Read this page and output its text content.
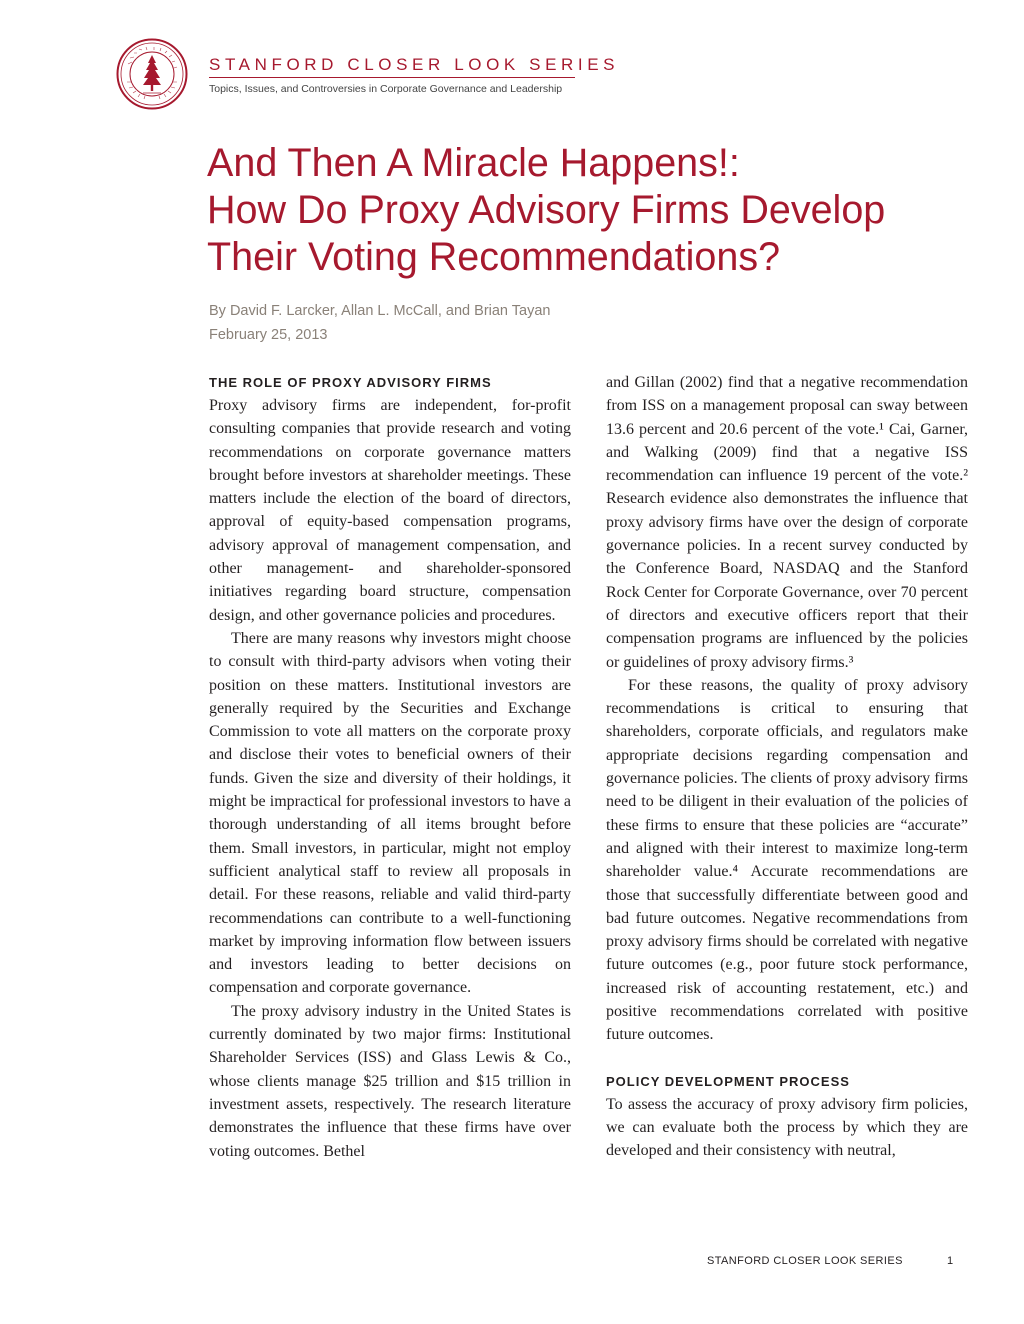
STANFORD CLOSER LOOK SERIES
Topics, Issues, and Controversies in Corporate Governance and Leadership
And Then A Miracle Happens!:
How Do Proxy Advisory Firms Develop
Their Voting Recommendations?
By David F. Larcker, Allan L. McCall, and Brian Tayan
February 25, 2013
THE ROLE OF PROXY ADVISORY FIRMS

Proxy advisory firms are independent, for-profit consulting companies that provide research and voting recommendations on corporate governance matters brought before investors at shareholder meetings. These matters include the election of the board of directors, approval of equity-based compensation programs, advisory approval of management compensation, and other management- and shareholder-sponsored initiatives regarding board structure, compensation design, and other governance policies and procedures.

There are many reasons why investors might choose to consult with third-party advisors when voting their position on these matters. Institutional investors are generally required by the Securities and Exchange Commission to vote all matters on the corporate proxy and disclose their votes to beneficial owners of their funds. Given the size and diversity of their holdings, it might be impractical for professional investors to have a thorough understanding of all items brought before them. Small investors, in particular, might not employ sufficient analytical staff to review all proposals in detail. For these reasons, reliable and valid third-party recommendations can contribute to a well-functioning market by improving information flow between issuers and investors leading to better decisions on compensation and corporate governance.

The proxy advisory industry in the United States is currently dominated by two major firms: Institutional Shareholder Services (ISS) and Glass Lewis & Co., whose clients manage $25 trillion and $15 trillion in investment assets, respectively. The research literature demonstrates the influence that these firms have over voting outcomes. Bethel

and Gillan (2002) find that a negative recommendation from ISS on a management proposal can sway between 13.6 percent and 20.6 percent of the vote.¹ Cai, Garner, and Walking (2009) find that a negative ISS recommendation can influence 19 percent of the vote.² Research evidence also demonstrates the influence that proxy advisory firms have over the design of corporate governance policies. In a recent survey conducted by the Conference Board, NASDAQ and the Stanford Rock Center for Corporate Governance, over 70 percent of directors and executive officers report that their compensation programs are influenced by the policies or guidelines of proxy advisory firms.³

For these reasons, the quality of proxy advisory recommendations is critical to ensuring that shareholders, corporate officials, and regulators make appropriate decisions regarding compensation and governance policies. The clients of proxy advisory firms need to be diligent in their evaluation of the policies of these firms to ensure that these policies are “accurate” and aligned with their interest to maximize long-term shareholder value.⁴ Accurate recommendations are those that successfully differentiate between good and bad future outcomes. Negative recommendations from proxy advisory firms should be correlated with negative future outcomes (e.g., poor future stock performance, increased risk of accounting restatement, etc.) and positive recommendations correlated with positive future outcomes.

POLICY DEVELOPMENT PROCESS

To assess the accuracy of proxy advisory firm policies, we can evaluate both the process by which they are developed and their consistency with neutral,

STANFORD CLOSER LOOK SERIES	1
